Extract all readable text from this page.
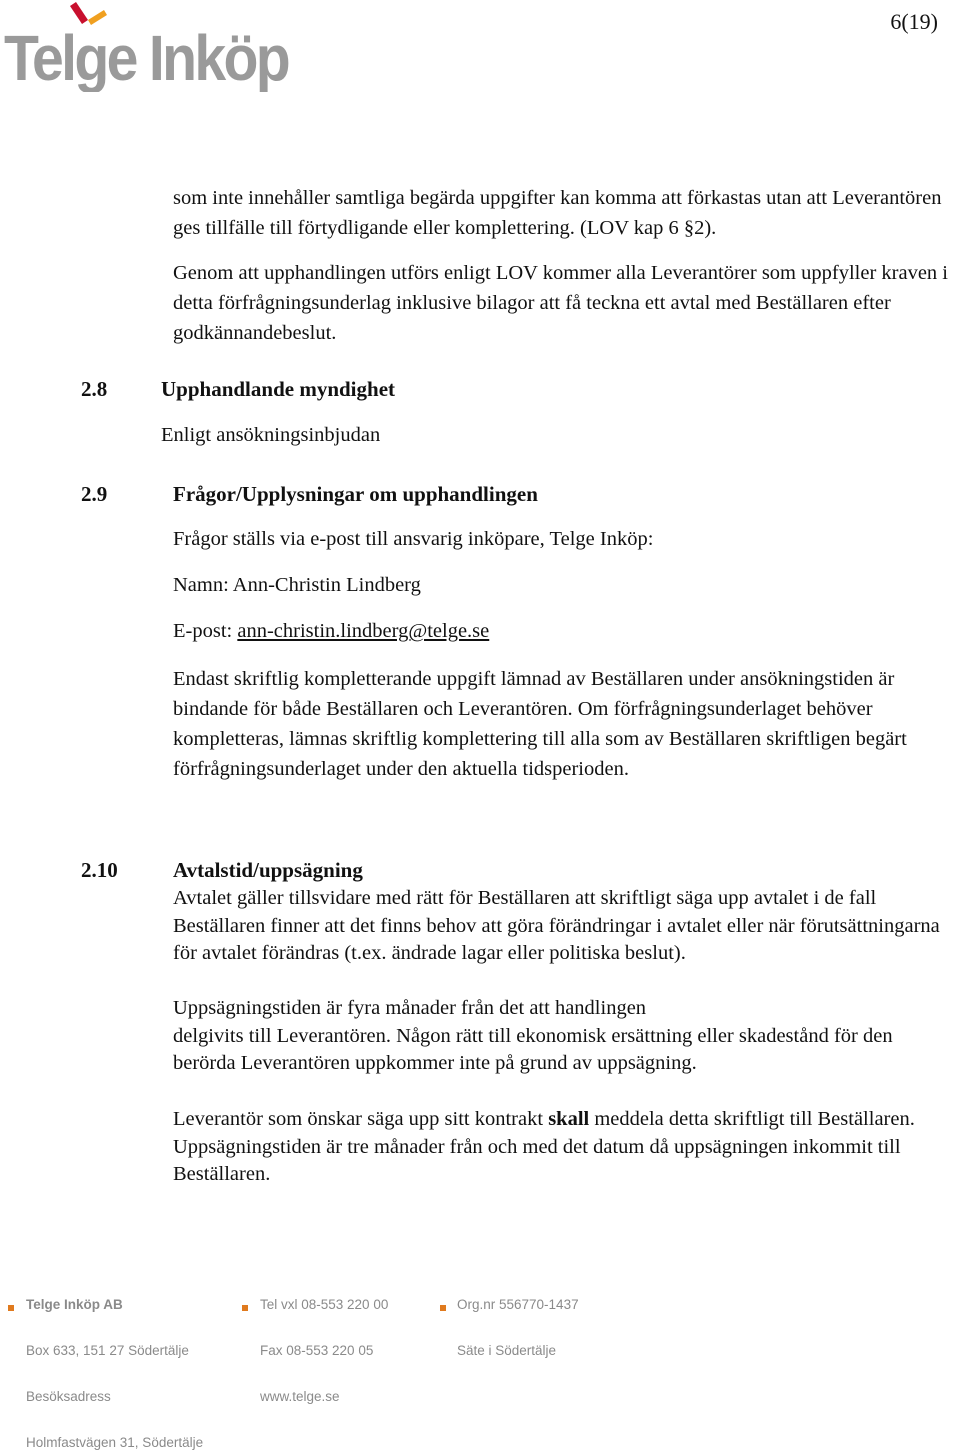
Telge Inköp
6(19)

som inte innehåller samtliga begärda uppgifter kan komma att förkastas utan att Leverantören ges tillfälle till förtydligande eller komplettering. (LOV kap 6 §2).

Genom att upphandlingen utförs enligt LOV kommer alla Leverantörer som uppfyller kraven i detta förfrågningsunderlag inklusive bilagor att få teckna ett avtal med Beställaren efter godkännandebeslut.

2.8	Upphandlande myndighet
Enligt ansökningsinbjudan
2.9	Frågor/Upplysningar om upphandlingen
Frågor ställs via e-post till ansvarig inköpare, Telge Inköp:
Namn: Ann-Christin Lindberg
E-post: ann-christin.lindberg@telge.se

Endast skriftlig kompletterande uppgift lämnad av Beställaren under ansökningstiden är bindande för både Beställaren och Leverantören. Om förfrågningsunderlaget behöver kompletteras, lämnas skriftlig komplettering till alla som av Beställaren skriftligen begärt förfrågningsunderlaget under den aktuella tidsperioden.

2.10	Avtalstid/uppsägning

Avtalet gäller tillsvidare med rätt för Beställaren att skriftligt säga upp avtalet i de fall Beställaren finner att det finns behov att göra förändringar i avtalet eller när förutsättningarna för avtalet förändras (t.ex. ändrade lagar eller politiska beslut).

Uppsägningstiden är fyra månader från det att handlingen
delgivits till Leverantören. Någon rätt till ekonomisk ersättning eller skadestånd för den berörda Leverantören uppkommer inte på grund av uppsägning.

Leverantör som önskar säga upp sitt kontrakt skall meddela detta skriftligt till Beställaren. Uppsägningstiden är tre månader från och med det datum då uppsägningen inkommit till Beställaren.

Telge Inköp AB	Tel vxl 08-553 220 00	Org.nr 556770-1437
Box 633, 151 27 Södertälje	Fax 08-553 220 05	Säte i Södertälje
Besöksadress	www.telge.se
Holmfastvägen 31, Södertälje
